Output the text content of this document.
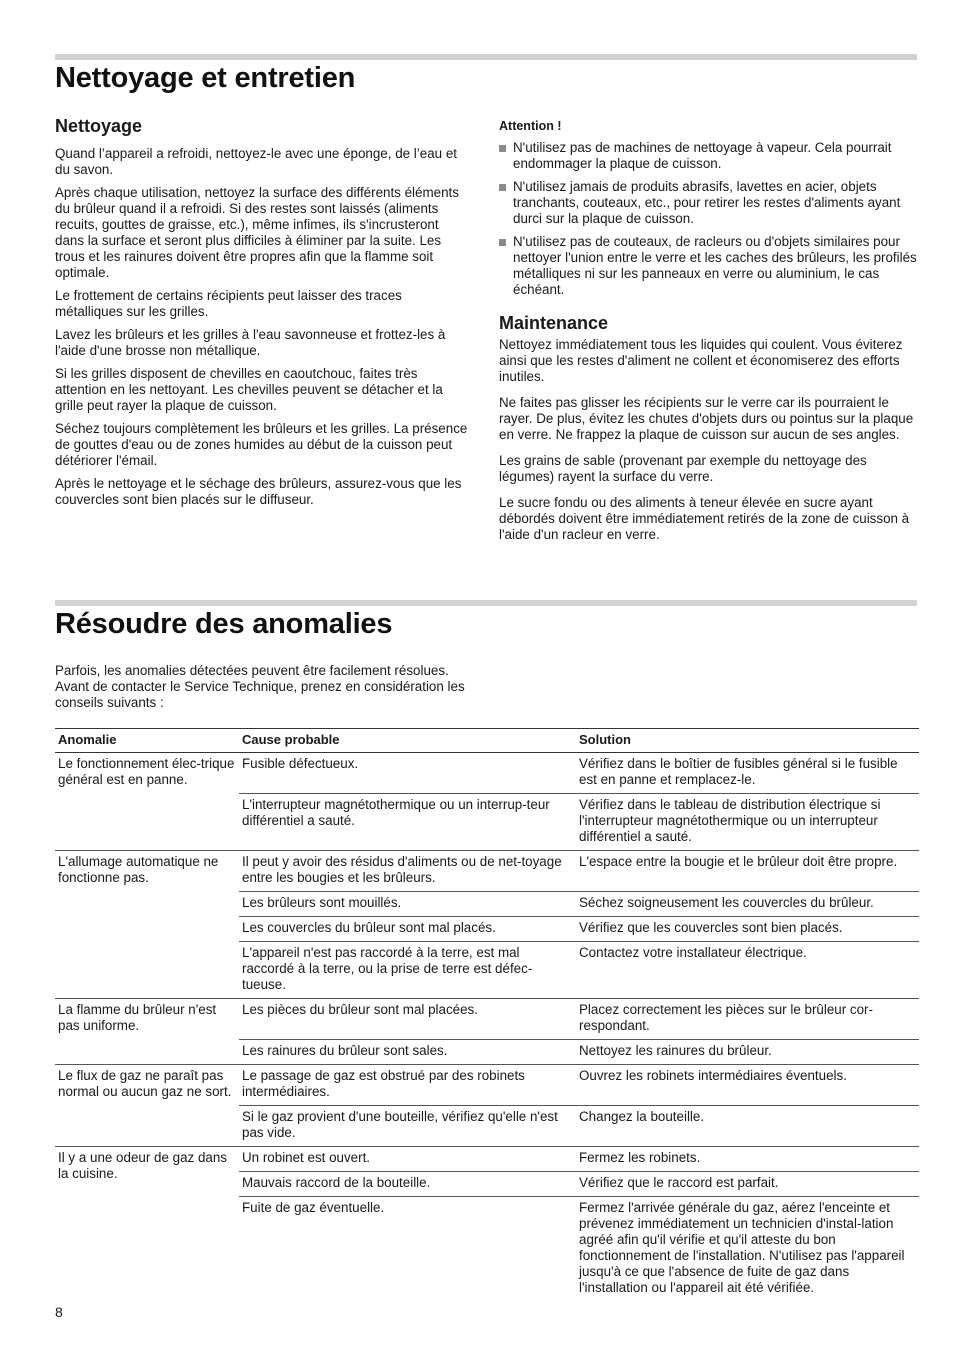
Nettoyage et entretien
Nettoyage

Quand l’appareil a refroidi, nettoyez-le avec une éponge, de l’eau et du savon.

Après chaque utilisation, nettoyez la surface des différents éléments du brûleur quand il a refroidi. Si des restes sont laissés (aliments recuits, gouttes de graisse, etc.), même infimes, ils s'incrusteront dans la surface et seront plus difficiles à éliminer par la suite. Les trous et les rainures doivent être propres afin que la flamme soit optimale.

Le frottement de certains récipients peut laisser des traces métalliques sur les grilles.

Lavez les brûleurs et les grilles à l'eau savonneuse et frottez-les à l'aide d'une brosse non métallique.

Si les grilles disposent de chevilles en caoutchouc, faites très attention en les nettoyant. Les chevilles peuvent se détacher et la grille peut rayer la plaque de cuisson.

Séchez toujours complètement les brûleurs et les grilles. La présence de gouttes d'eau ou de zones humides au début de la cuisson peut détériorer l'émail.

Après le nettoyage et le séchage des brûleurs, assurez-vous que les couvercles sont bien placés sur le diffuseur.

Attention !
N'utilisez pas de machines de nettoyage à vapeur. Cela pourrait endommager la plaque de cuisson.
N'utilisez jamais de produits abrasifs, lavettes en acier, objets tranchants, couteaux, etc., pour retirer les restes d'aliments ayant durci sur la plaque de cuisson.
N'utilisez pas de couteaux, de racleurs ou d'objets similaires pour nettoyer l'union entre le verre et les caches des brûleurs, les profilés métalliques ni sur les panneaux en verre ou aluminium, le cas échéant.
Maintenance

Nettoyez immédiatement tous les liquides qui coulent. Vous éviterez ainsi que les restes d'aliment ne collent et économiserez des efforts inutiles.

Ne faites pas glisser les récipients sur le verre car ils pourraient le rayer. De plus, évitez les chutes d'objets durs ou pointus sur la plaque en verre. Ne frappez la plaque de cuisson sur aucun de ses angles.

Les grains de sable (provenant par exemple du nettoyage des légumes) rayent la surface du verre.

Le sucre fondu ou des aliments à teneur élevée en sucre ayant débordés doivent être immédiatement retirés de la zone de cuisson à l'aide d'un racleur en verre.

Résoudre des anomalies
Parfois, les anomalies détectées peuvent être facilement résolues. Avant de contacter le Service Technique, prenez en considération les conseils suivants :
Anomalie	Cause probable	Solution
Le fonctionnement élec-trique général est en panne.	Fusible défectueux.	Vérifiez dans le boîtier de fusibles général si le fusible est en panne et remplacez-le.
	L'interrupteur magnétothermique ou un interrup-teur différentiel a sauté.	Vérifiez dans le tableau de distribution électrique si l'interrupteur magnétothermique ou un interrupteur différentiel a sauté.
L'allumage automatique ne fonctionne pas.	Il peut y avoir des résidus d'aliments ou de net-toyage entre les bougies et les brûleurs.	L'espace entre la bougie et le brûleur doit être propre.
	Les brûleurs sont mouillés.	Séchez soigneusement les couvercles du brûleur.
	Les couvercles du brûleur sont mal placés.	Vérifiez que les couvercles sont bien placés.
	L'appareil n'est pas raccordé à la terre, est mal raccordé à la terre, ou la prise de terre est défec-tueuse.	Contactez votre installateur électrique.
La flamme du brûleur n'est pas uniforme.	Les pièces du brûleur sont mal placées.	Placez correctement les pièces sur le brûleur cor-respondant.
	Les rainures du brûleur sont sales.	Nettoyez les rainures du brûleur.
Le flux de gaz ne paraît pas normal ou aucun gaz ne sort.	Le passage de gaz est obstrué par des robinets intermédiaires.	Ouvrez les robinets intermédiaires éventuels.
	Si le gaz provient d'une bouteille, vérifiez qu'elle n'est pas vide.	Changez la bouteille.
Il y a une odeur de gaz dans la cuisine.	Un robinet est ouvert.	Fermez les robinets.
	Mauvais raccord de la bouteille.	Vérifiez que le raccord est parfait.
	Fuite de gaz éventuelle.	Fermez l'arrivée générale du gaz, aérez l'enceinte et prévenez immédiatement un technicien d'instal-lation agréé afin qu'il vérifie et qu'il atteste du bon fonctionnement de l'installation. N'utilisez pas l'appareil jusqu'à ce que l'absence de fuite de gaz dans l'installation ou l'appareil ait été vérifiée.
8
